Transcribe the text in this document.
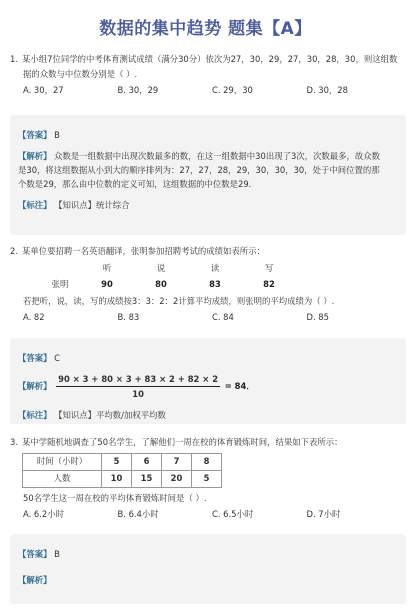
数据的集中趋势 题集【A】
1. 某小组7位同学的中考体育测试成绩（满分30分）依次为27，30，29，27，30，28，30，则这组数
据的众数与中位数分别是（ ）.
A. 30，27	B. 30，29	C. 29，30	D. 30，28
【答案】 B
【解析】 众数是一组数据中出现次数最多的数，在这一组数据中30出现了3次，次数最多，故众数
是30，将这组数据从小到大的顺序排列为：27，27，28，29，30，30，30，处于中间位置的那
个数是29，那么由中位数的定义可知，这组数据的中位数是29．
【标注】 【知识点】统计综合
2. 某单位要招聘一名英语翻译，张明参加招聘考试的成绩如表所示：
	听	说	读	写
张明	90	80	83	82
若把听，说，读，写的成绩按3：3：2：2计算平均成绩，则张明的平均成绩为（ ）.
A. 82	B. 83	C. 84	D. 85
【答案】 C
【解析】 $\frac{90 \times 3 + 80 \times 3 + 83 \times 2 + 82 \times 2}{10} = 84$．
【标注】 【知识点】平均数/加权平均数
3. 某中学随机地调查了50名学生，了解他们一周在校的体育锻炼时间，结果如下表所示：
时间（小时）	5	6	7	8
人数	10	15	20	5
50名学生这一周在校的平均体育锻炼时间是（ ）.
A. 6.2小时	B. 6.4小时	C. 6.5小时	D. 7小时
【答案】 B
【解析】
